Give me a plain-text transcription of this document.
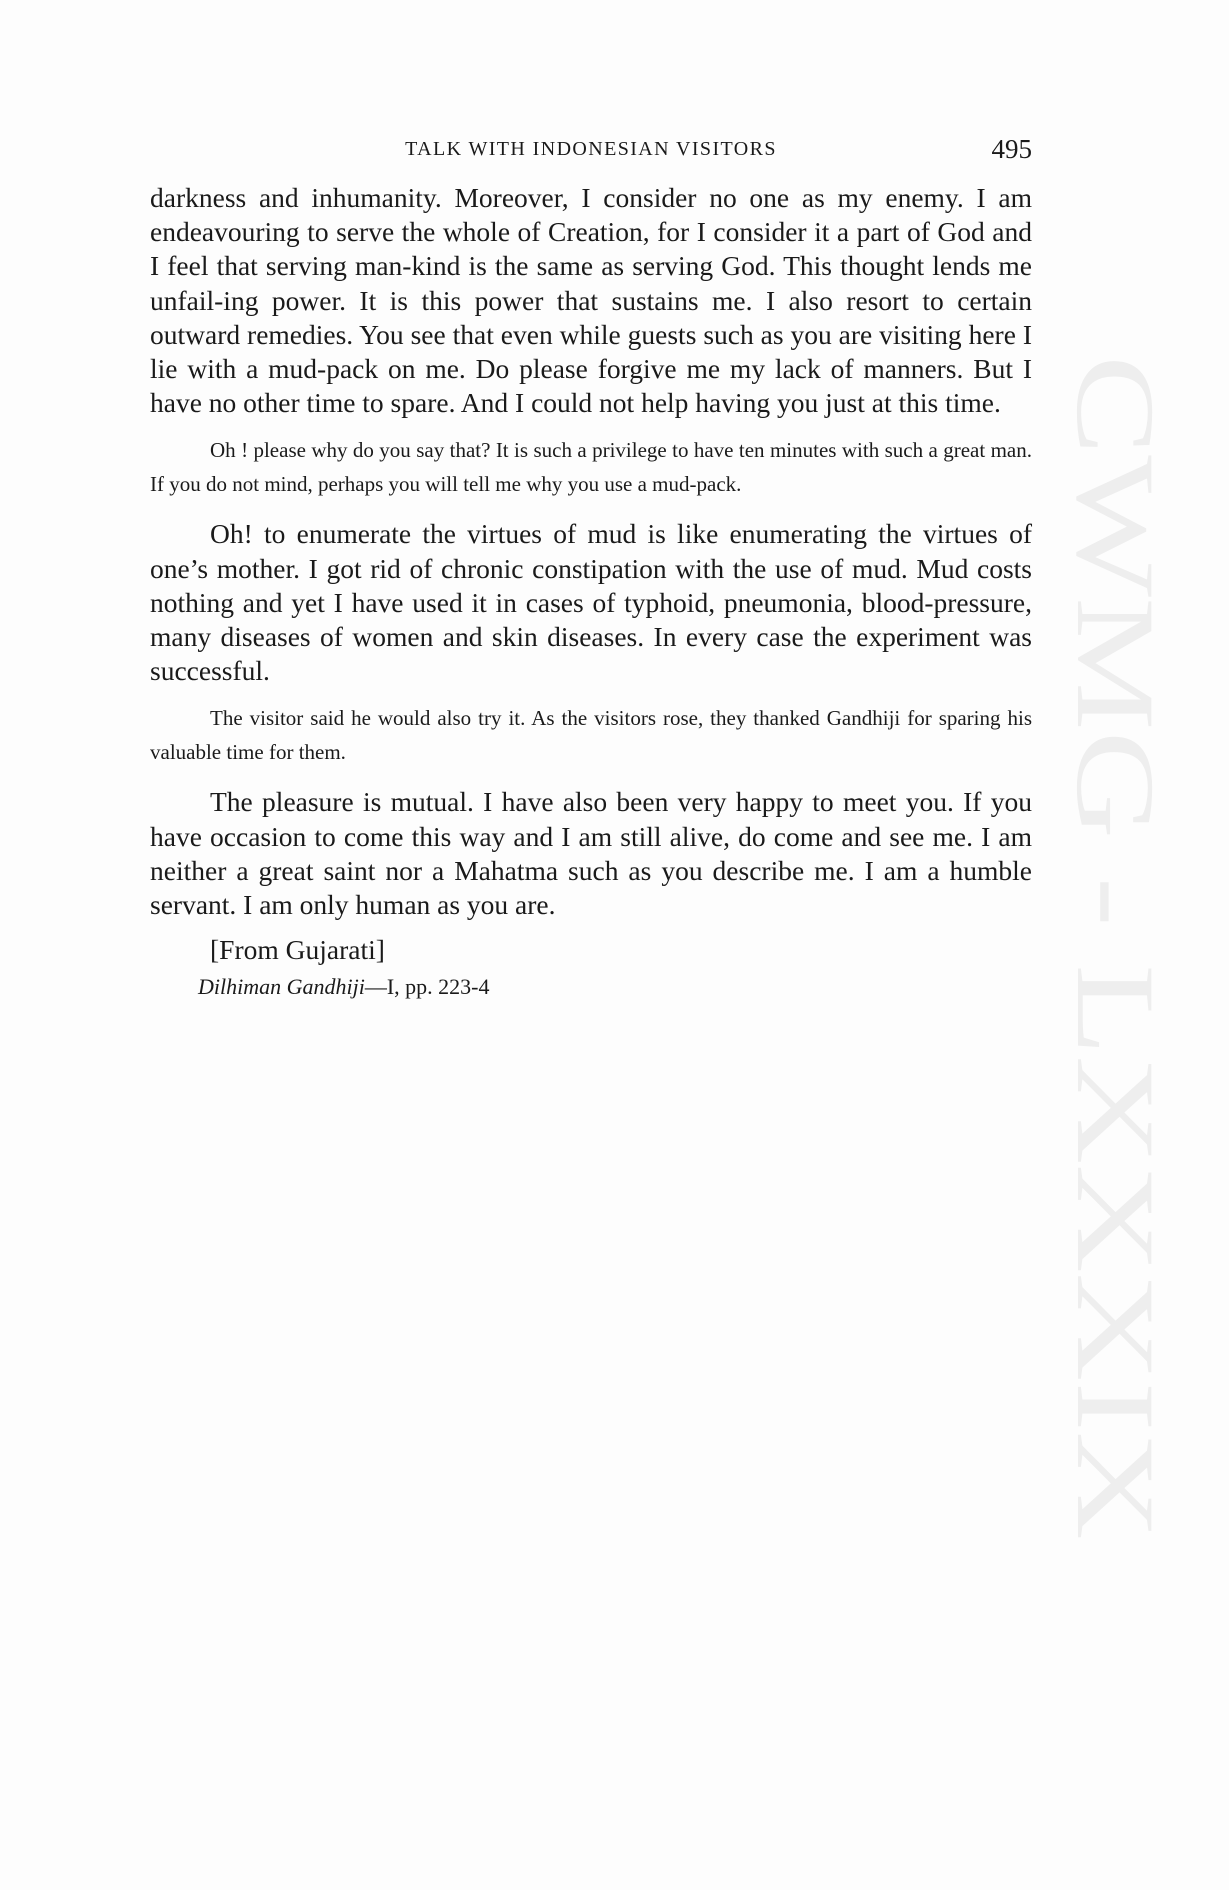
CWMG - LXXXIX
TALK WITH INDONESIAN VISITORS	495

darkness and inhumanity. Moreover, I consider no one as my enemy. I am endeavouring to serve the whole of Creation, for I consider it a part of God and I feel that serving man-kind is the same as serving God. This thought lends me unfail-ing power. It is this power that sustains me. I also resort to certain outward remedies. You see that even while guests such as you are visiting here I lie with a mud-pack on me. Do please forgive me my lack of manners. But I have no other time to spare. And I could not help having you just at this time.

Oh ! please why do you say that? It is such a privilege to have ten minutes with such a great man. If you do not mind, perhaps you will tell me why you use a mud-pack.

Oh! to enumerate the virtues of mud is like enumerating the virtues of one’s mother. I got rid of chronic constipation with the use of mud. Mud costs nothing and yet I have used it in cases of typhoid, pneumonia, blood-pressure, many diseases of women and skin diseases. In every case the experiment was successful.

The visitor said he would also try it. As the visitors rose, they thanked Gandhiji for sparing his valuable time for them.

The pleasure is mutual. I have also been very happy to meet you. If you have occasion to come this way and I am still alive, do come and see me. I am neither a great saint nor a Mahatma such as you describe me. I am a humble servant. I am only human as you are.

[From Gujarati]
Dilhiman Gandhiji—I, pp. 223-4
